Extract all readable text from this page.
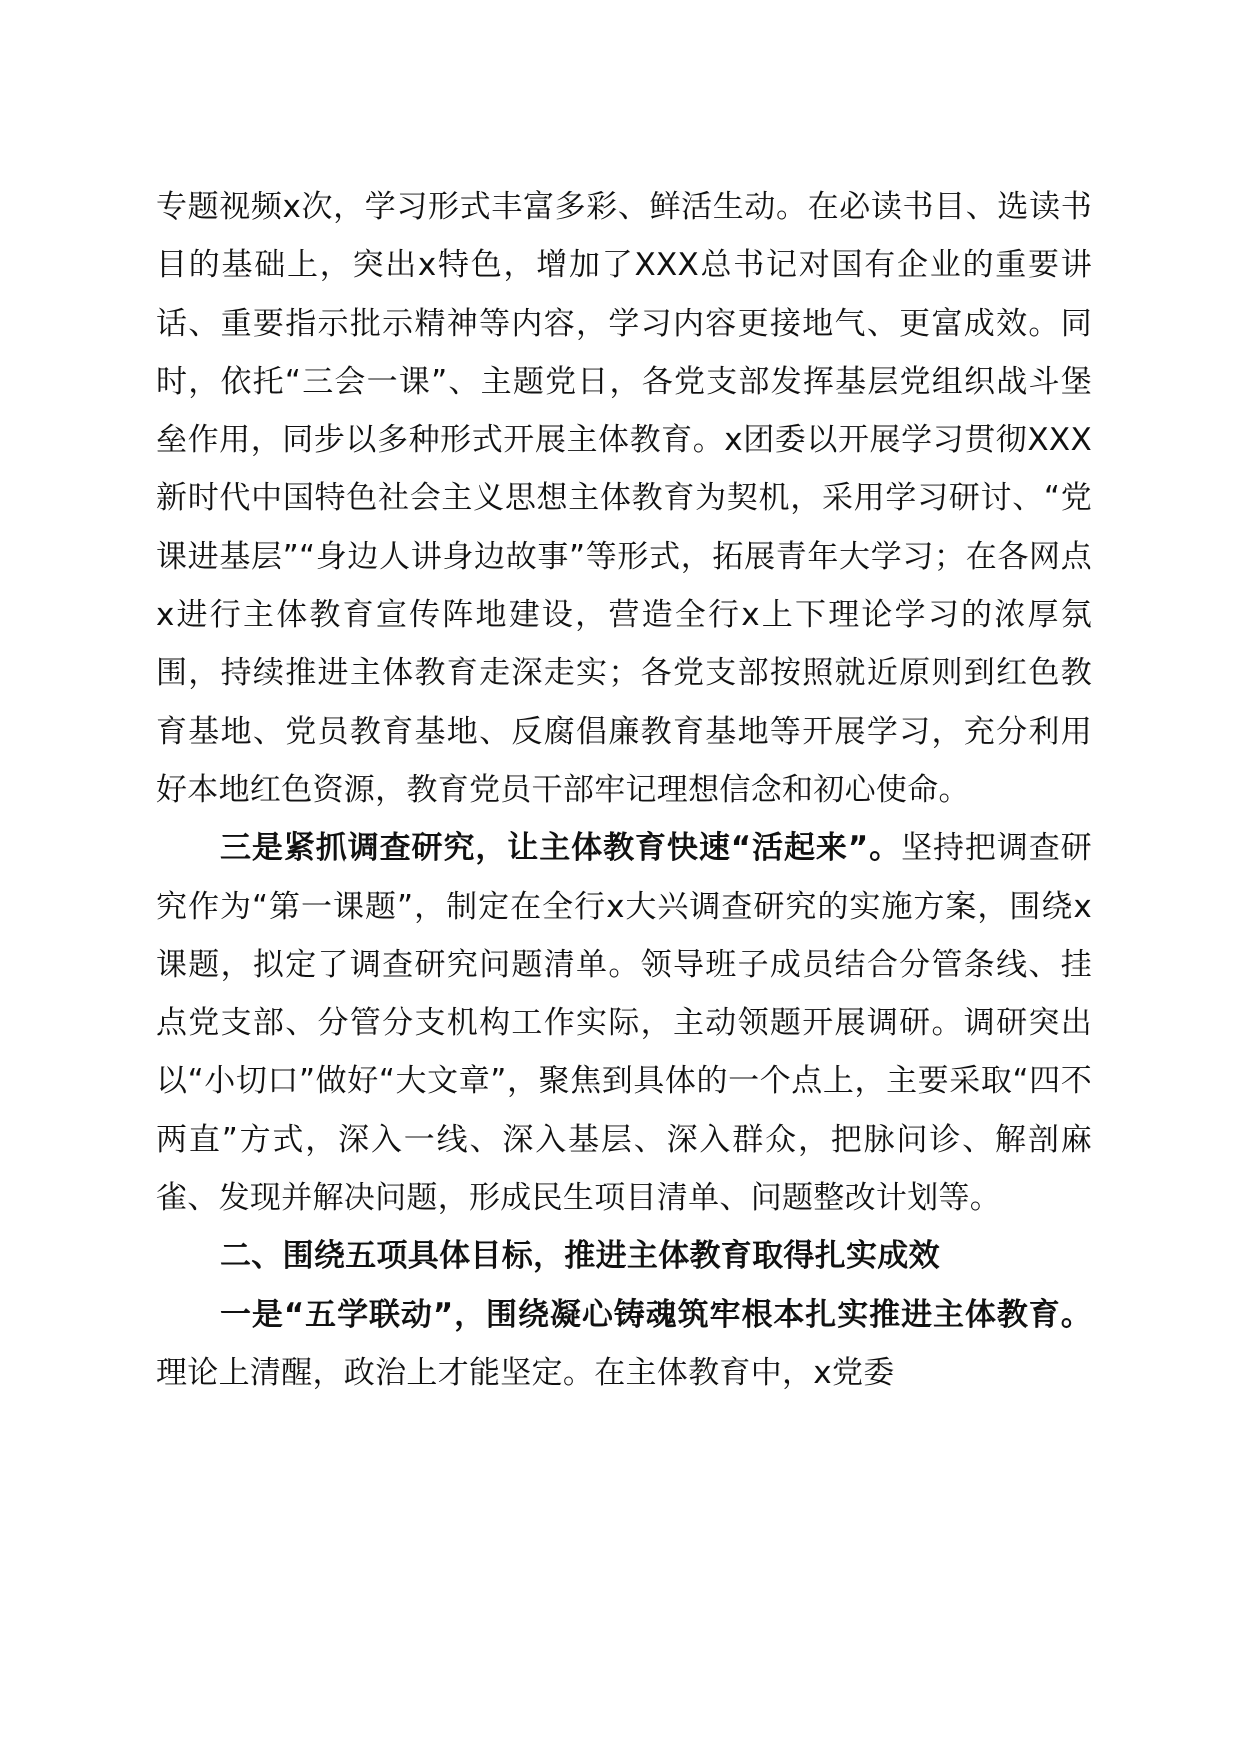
专题视频x次，学习形式丰富多彩、鲜活生动。在必读书目、选读书目的基础上，突出x特色，增加了XXX总书记对国有企业的重要讲话、重要指示批示精神等内容，学习内容更接地气、更富成效。同时，依托“三会一课”、主题党日，各党支部发挥基层党组织战斗堡垒作用，同步以多种形式开展主体教育。x团委以开展学习贯彻XXX新时代中国特色社会主义思想主体教育为契机，采用学习研讨、“党课进基层”“身边人讲身边故事”等形式，拓展青年大学习；在各网点x进行主体教育宣传阵地建设，营造全行x上下理论学习的浓厚氛围，持续推进主体教育走深走实；各党支部按照就近原则到红色教育基地、党员教育基地、反腐倡廉教育基地等开展学习，充分利用好本地红色资源，教育党员干部牢记理想信念和初心使命。

三是紧抓调查研究，让主体教育快速“活起来”。坚持把调查研究作为“第一课题”，制定在全行x大兴调查研究的实施方案，围绕x课题，拟定了调查研究问题清单。领导班子成员结合分管条线、挂点党支部、分管分支机构工作实际，主动领题开展调研。调研突出以“小切口”做好“大文章”，聚焦到具体的一个点上，主要采取“四不两直”方式，深入一线、深入基层、深入群众，把脉问诊、解剖麻雀、发现并解决问题，形成民生项目清单、问题整改计划等。

二、围绕五项具体目标，推进主体教育取得扎实成效

一是“五学联动”，围绕凝心铸魂筑牢根本扎实推进主体教育。理论上清醒，政治上才能坚定。在主体教育中，x党委
